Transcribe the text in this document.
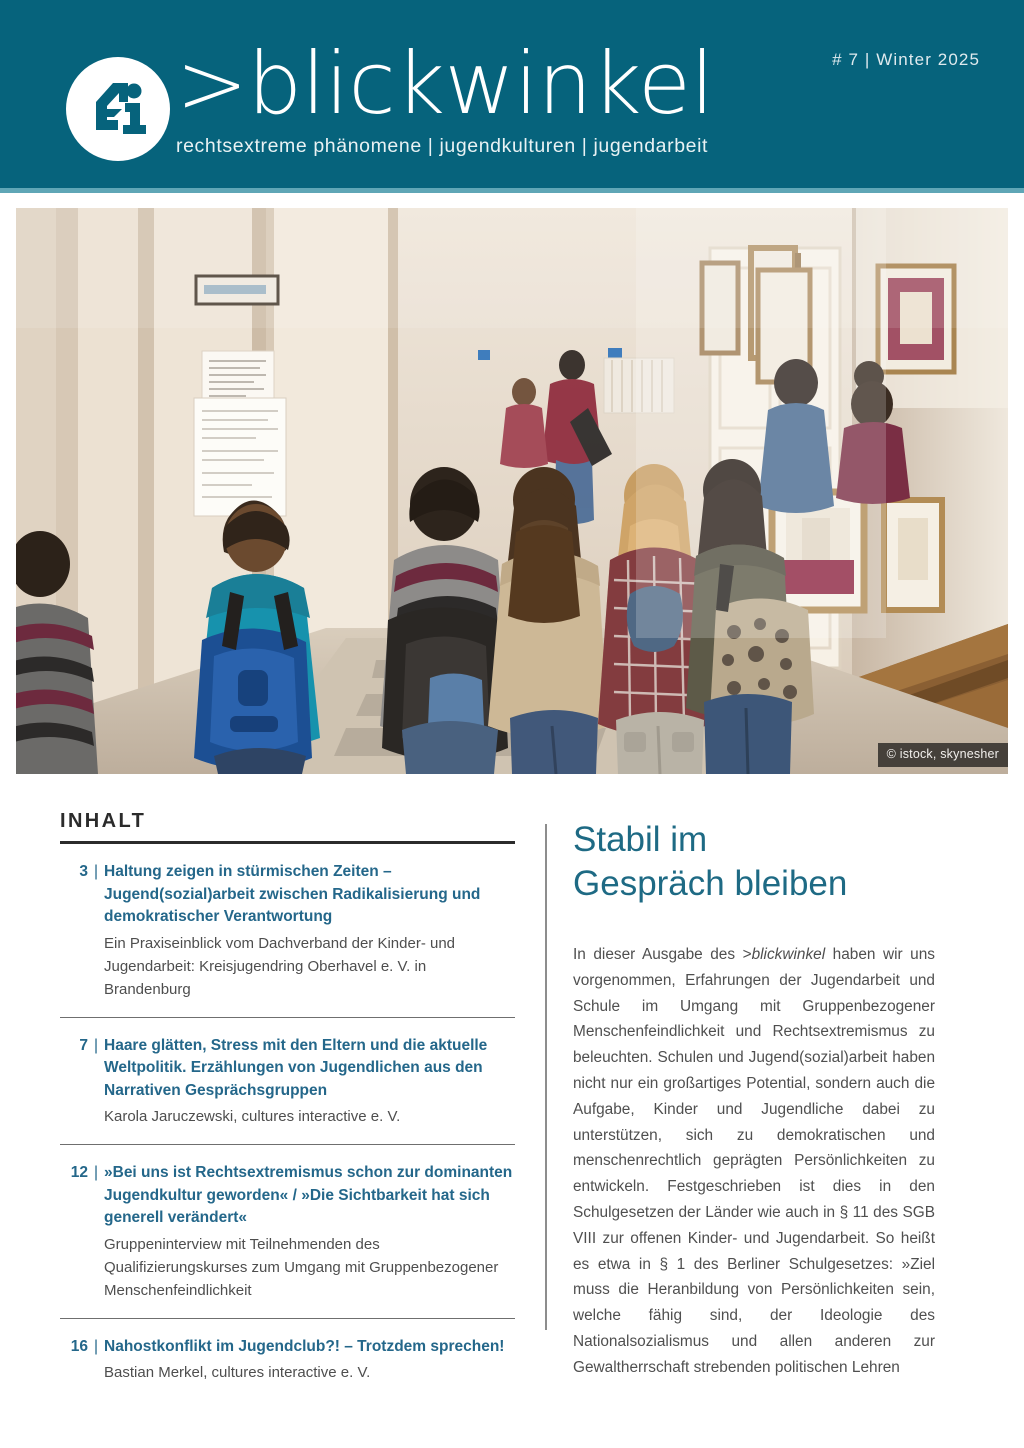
>blickwinkel
rechtsextreme phänomene | jugendkulturen | jugendarbeit
# 7 | Winter 2025
© istock, skynesher
INHALT
3 | Haltung zeigen in stürmischen Zeiten – Jugend(sozial)arbeit zwischen Radikalisierung und demokratischer Verantwortung
Ein Praxiseinblick vom Dachverband der Kinder- und Jugendarbeit: Kreisjugendring Oberhavel e. V. in Brandenburg
7 | Haare glätten, Stress mit den Eltern und die aktuelle Weltpolitik. Erzählungen von Jugendlichen aus den Narrativen Gesprächsgruppen
Karola Jaruczewski, cultures interactive e. V.
12 | »Bei uns ist Rechtsextremismus schon zur dominanten Jugendkultur geworden« / »Die Sichtbarkeit hat sich generell verändert«
Gruppeninterview mit Teilnehmenden des Qualifizierungskurses zum Umgang mit Gruppenbezogener Menschenfeindlichkeit
16 | Nahostkonflikt im Jugendclub?! – Trotzdem sprechen!
Bastian Merkel, cultures interactive e. V.
Stabil im
Gespräch bleiben

In dieser Ausgabe des >blickwinkel haben wir uns vorgenommen, Erfahrungen der Jugendarbeit und Schule im Umgang mit Gruppenbezogener Menschenfeindlichkeit und Rechtsextremismus zu beleuchten. Schulen und Jugend(sozial)arbeit haben nicht nur ein großartiges Potential, sondern auch die Aufgabe, Kinder und Jugendliche dabei zu unterstützen, sich zu demokratischen und menschenrechtlich geprägten Persönlichkeiten zu entwickeln. Festgeschrieben ist dies in den Schulgesetzen der Länder wie auch in § 11 des SGB VIII zur offenen Kinder- und Jugendarbeit. So heißt es etwa in § 1 des Berliner Schulgesetzes: »Ziel muss die Heranbildung von Persönlichkeiten sein, welche fähig sind, der Ideologie des Nationalsozialismus und allen anderen zur Gewaltherrschaft strebenden politischen Lehren
